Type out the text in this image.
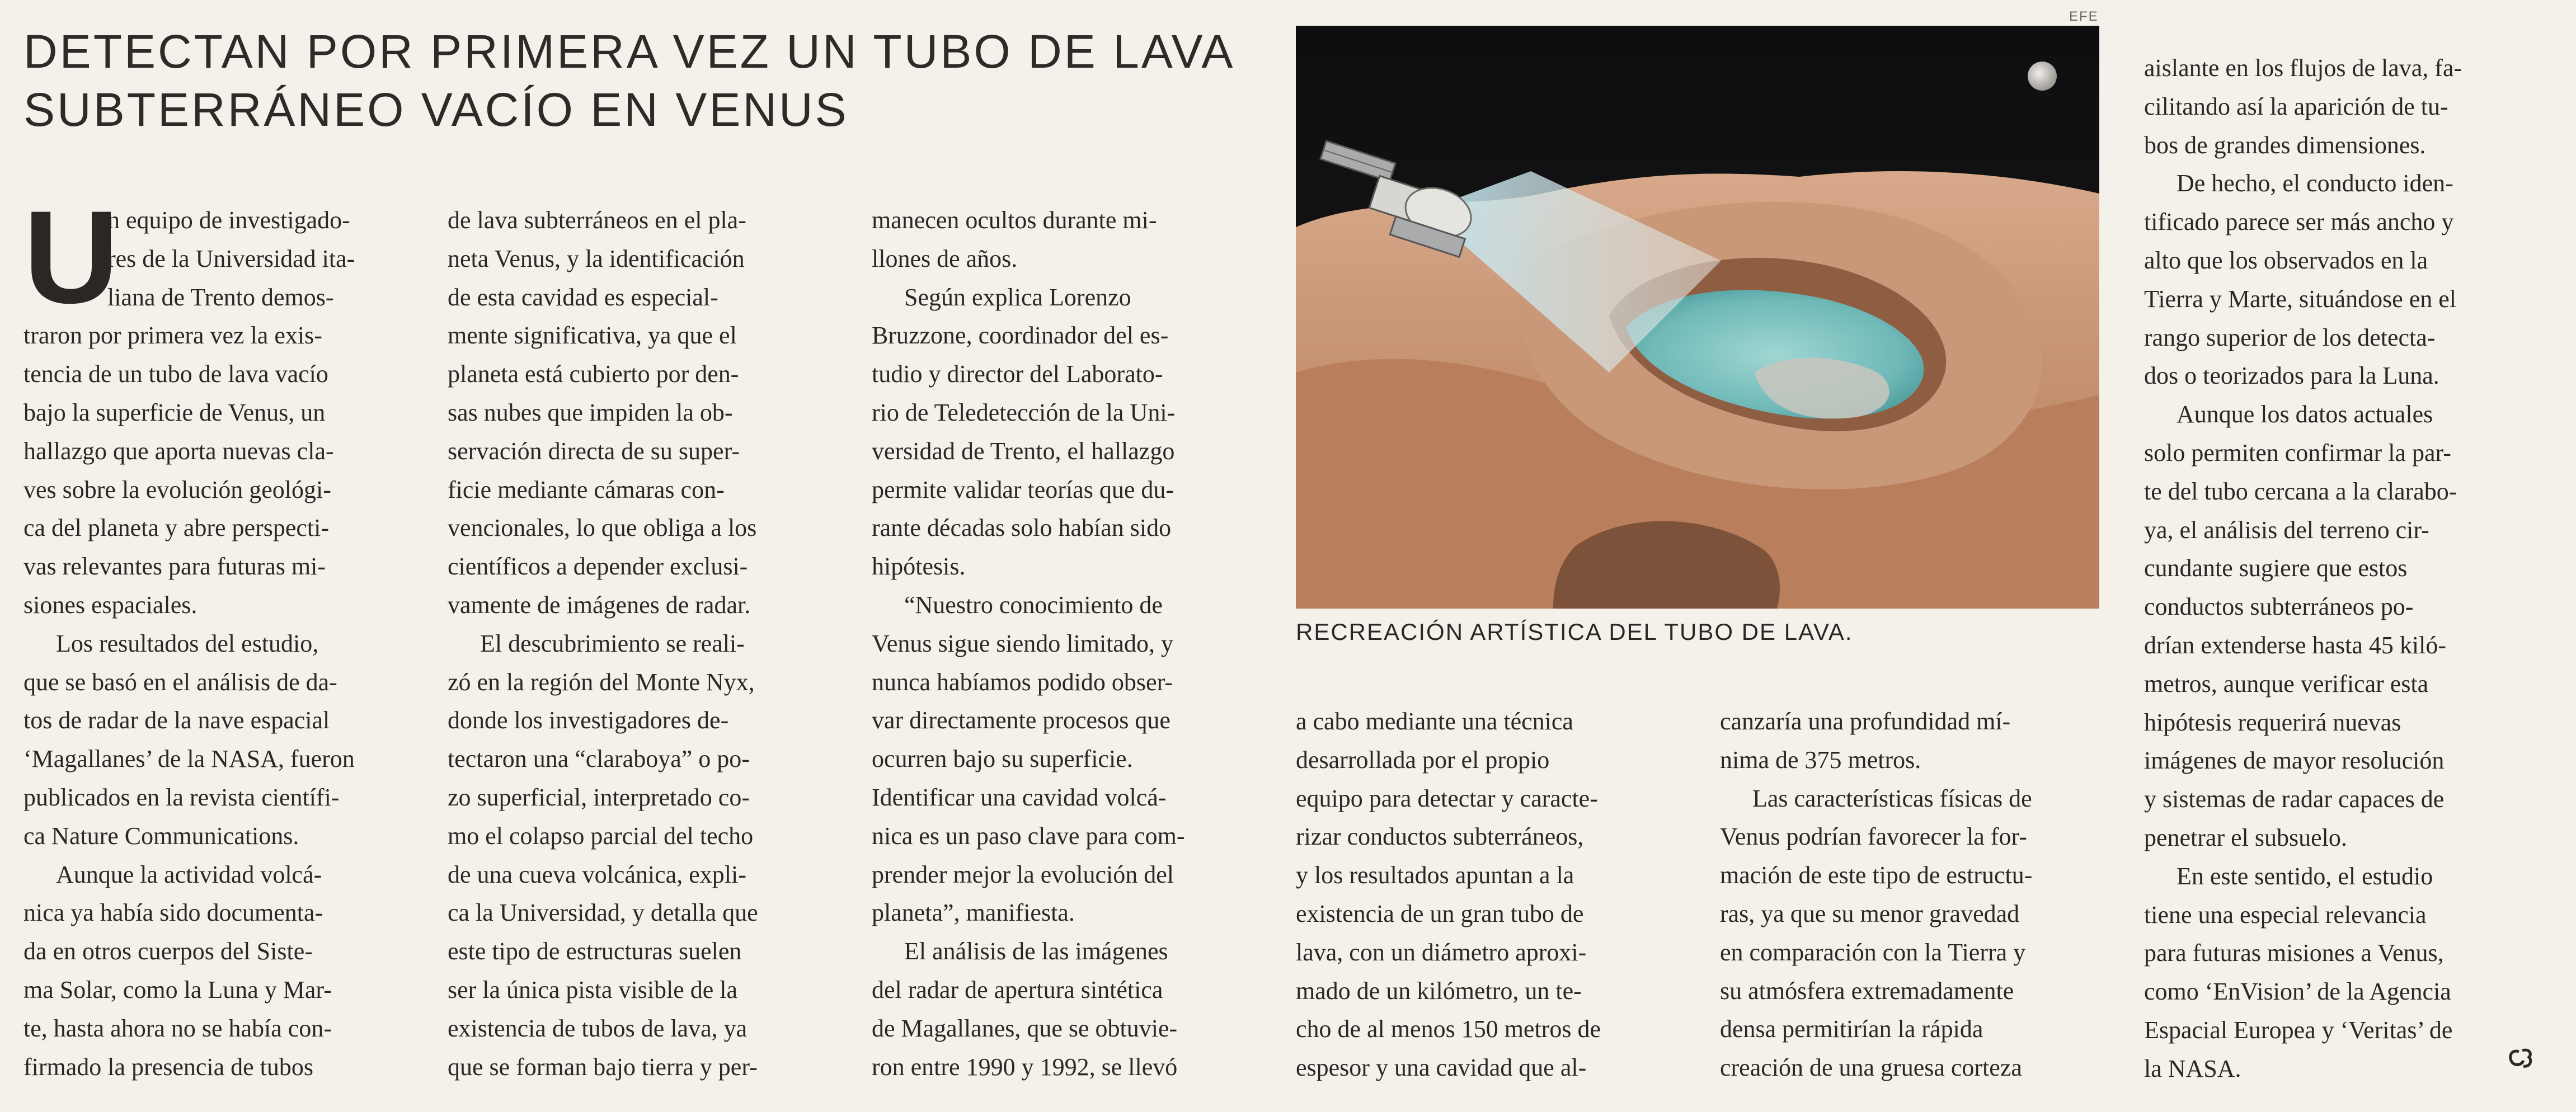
DETECTAN POR PRIMERA VEZ UN TUBO DE LAVA
SUBTERRÁNEO VACÍO EN VENUS
U
n equipo de investigado-
res de la Universidad ita-
liana de Trento demos-
traron por primera vez la exis-
tencia de un tubo de lava vacío
bajo la superficie de Venus, un
hallazgo que aporta nuevas cla-
ves sobre la evolución geológi-
ca del planeta y abre perspecti-
vas relevantes para futuras mi-
siones espaciales.
Los resultados del estudio,
que se basó en el análisis de da-
tos de radar de la nave espacial
‘Magallanes’ de la NASA, fueron
publicados en la revista científi-
ca Nature Communications.
Aunque la actividad volcá-
nica ya había sido documenta-
da en otros cuerpos del Siste-
ma Solar, como la Luna y Mar-
te, hasta ahora no se había con-
firmado la presencia de tubos
de lava subterráneos en el pla-
neta Venus, y la identificación
de esta cavidad es especial-
mente significativa, ya que el
planeta está cubierto por den-
sas nubes que impiden la ob-
servación directa de su super-
ficie mediante cámaras con-
vencionales, lo que obliga a los
científicos a depender exclusi-
vamente de imágenes de radar.
El descubrimiento se reali-
zó en la región del Monte Nyx,
donde los investigadores de-
tectaron una “claraboya” o po-
zo superficial, interpretado co-
mo el colapso parcial del techo
de una cueva volcánica, expli-
ca la Universidad, y detalla que
este tipo de estructuras suelen
ser la única pista visible de la
existencia de tubos de lava, ya
que se forman bajo tierra y per-
manecen ocultos durante mi-
llones de años.
Según explica Lorenzo
Bruzzone, coordinador del es-
tudio y director del Laborato-
rio de Teledetección de la Uni-
versidad de Trento, el hallazgo
permite validar teorías que du-
rante décadas solo habían sido
hipótesis.
“Nuestro conocimiento de
Venus sigue siendo limitado, y
nunca habíamos podido obser-
var directamente procesos que
ocurren bajo su superficie.
Identificar una cavidad volcá-
nica es un paso clave para com-
prender mejor la evolución del
planeta”, manifiesta.
El análisis de las imágenes
del radar de apertura sintética
de Magallanes, que se obtuvie-
ron entre 1990 y 1992, se llevó
a cabo mediante una técnica
desarrollada por el propio
equipo para detectar y caracte-
rizar conductos subterráneos,
y los resultados apuntan a la
existencia de un gran tubo de
lava, con un diámetro aproxi-
mado de un kilómetro, un te-
cho de al menos 150 metros de
espesor y una cavidad que al-
canzaría una profundidad mí-
nima de 375 metros.
Las características físicas de
Venus podrían favorecer la for-
mación de este tipo de estructu-
ras, ya que su menor gravedad
en comparación con la Tierra y
su atmósfera extremadamente
densa permitirían la rápida
creación de una gruesa corteza
aislante en los flujos de lava, fa-
cilitando así la aparición de tu-
bos de grandes dimensiones.
De hecho, el conducto iden-
tificado parece ser más ancho y
alto que los observados en la
Tierra y Marte, situándose en el
rango superior de los detecta-
dos o teorizados para la Luna.
Aunque los datos actuales
solo permiten confirmar la par-
te del tubo cercana a la clarabo-
ya, el análisis del terreno cir-
cundante sugiere que estos
conductos subterráneos po-
drían extenderse hasta 45 kiló-
metros, aunque verificar esta
hipótesis requerirá nuevas
imágenes de mayor resolución
y sistemas de radar capaces de
penetrar el subsuelo.
En este sentido, el estudio
tiene una especial relevancia
para futuras misiones a Venus,
como ‘EnVision’ de la Agencia
Espacial Europea y ‘Veritas’ de
la NASA.
EFE

RECREACIÓN ARTÍSTICA DEL TUBO DE LAVA.
